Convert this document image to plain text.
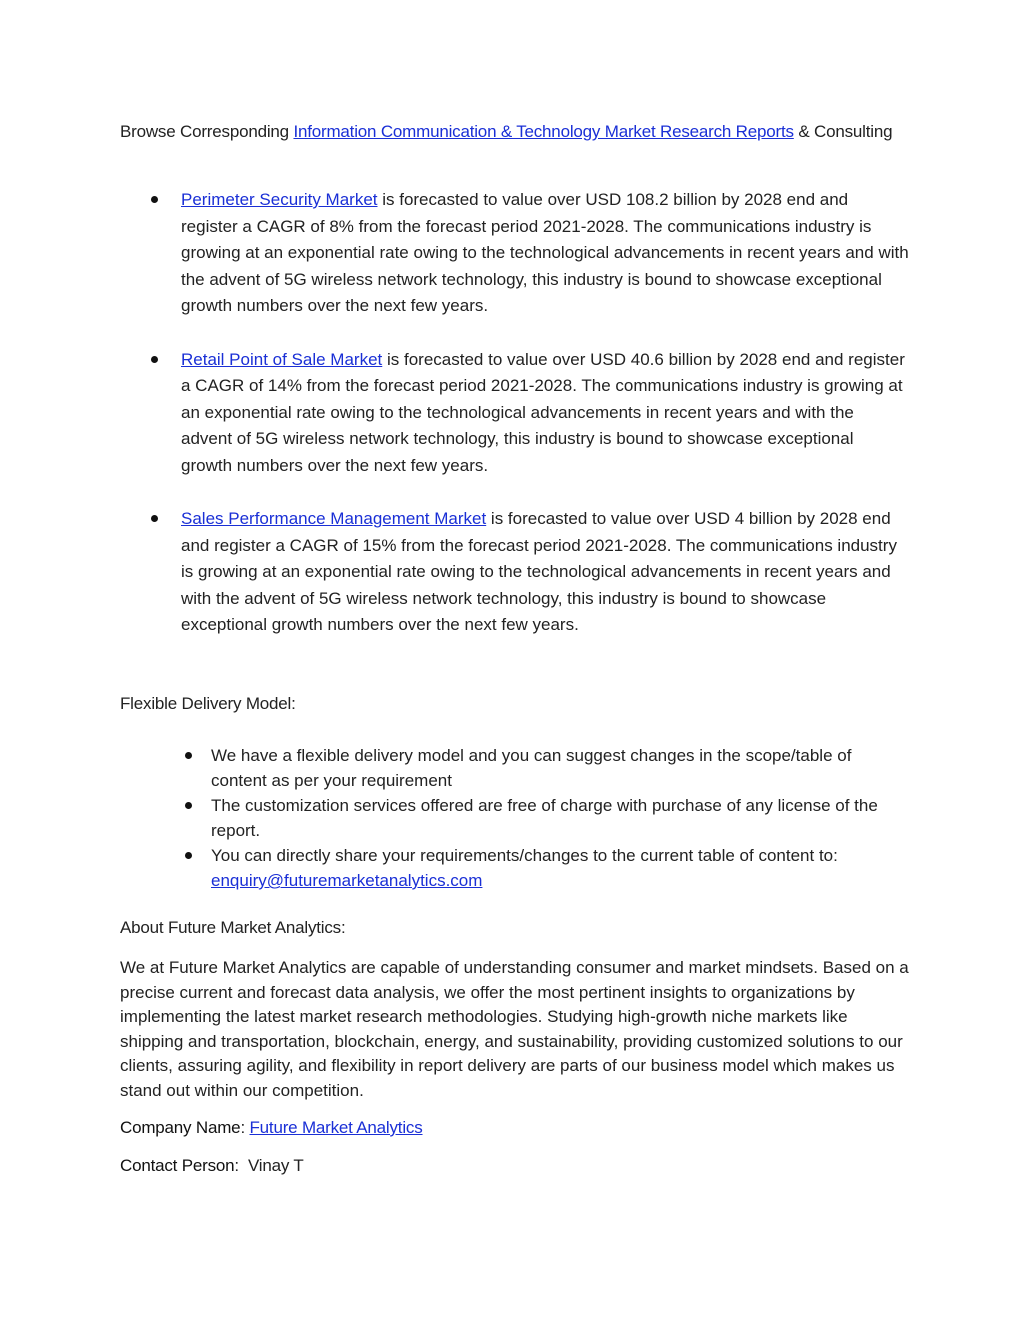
Browse Corresponding Information Communication & Technology Market Research Reports & Consulting
Perimeter Security Market is forecasted to value over USD 108.2 billion by 2028 end and register a CAGR of 8% from the forecast period 2021-2028. The communications industry is growing at an exponential rate owing to the technological advancements in recent years and with the advent of 5G wireless network technology, this industry is bound to showcase exceptional growth numbers over the next few years.
Retail Point of Sale Market is forecasted to value over USD 40.6 billion by 2028 end and register a CAGR of 14% from the forecast period 2021-2028. The communications industry is growing at an exponential rate owing to the technological advancements in recent years and with the advent of 5G wireless network technology, this industry is bound to showcase exceptional growth numbers over the next few years.
Sales Performance Management Market is forecasted to value over USD 4 billion by 2028 end and register a CAGR of 15% from the forecast period 2021-2028. The communications industry is growing at an exponential rate owing to the technological advancements in recent years and with the advent of 5G wireless network technology, this industry is bound to showcase exceptional growth numbers over the next few years.
Flexible Delivery Model:
We have a flexible delivery model and you can suggest changes in the scope/table of content as per your requirement
The customization services offered are free of charge with purchase of any license of the report.
You can directly share your requirements/changes to the current table of content to: enquiry@futuremarketanalytics.com
About Future Market Analytics:
We at Future Market Analytics are capable of understanding consumer and market mindsets. Based on a precise current and forecast data analysis, we offer the most pertinent insights to organizations by implementing the latest market research methodologies. Studying high-growth niche markets like shipping and transportation, blockchain, energy, and sustainability, providing customized solutions to our clients, assuring agility, and flexibility in report delivery are parts of our business model which makes us stand out within our competition.
Company Name: Future Market Analytics
Contact Person:  Vinay T
